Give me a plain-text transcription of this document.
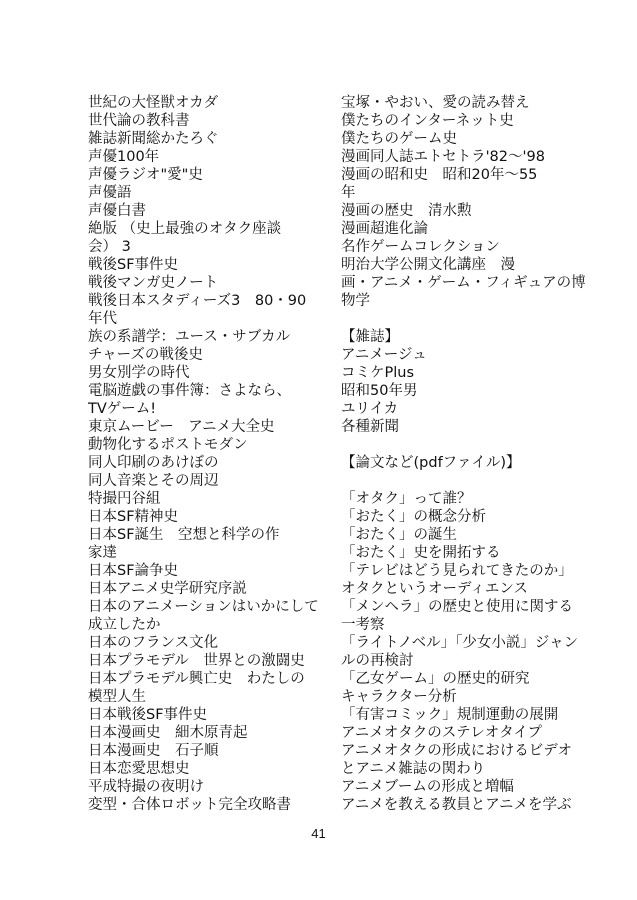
世紀の大怪獣オカダ
世代論の教科書
雑誌新聞総かたろぐ
声優100年
声優ラジオ"愛"史
声優語
声優白書
絶版 （史上最強のオタク座談
会） 3
戦後SF事件史
戦後マンガ史ノート
戦後日本スタディーズ3　80・90
年代
族の系譜学：ユース・サブカル
チャーズの戦後史
男女別学の時代
電脳遊戯の事件簿：さよなら、
TVゲーム!
東京ムービー　アニメ大全史
動物化するポストモダン
同人印刷のあけぼの
同人音楽とその周辺
特撮円谷組
日本SF精神史
日本SF誕生　空想と科学の作
家達
日本SF論争史
日本アニメ史学研究序説
日本のアニメーションはいかにして
成立したか
日本のフランス文化
日本プラモデル　世界との激闘史
日本プラモデル興亡史　わたしの
模型人生
日本戦後SF事件史
日本漫画史　細木原青起
日本漫画史　石子順
日本恋愛思想史
平成特撮の夜明け
変型・合体ロボット完全攻略書
宝塚・やおい、愛の読み替え
僕たちのインターネット史
僕たちのゲーム史
漫画同人誌エトセトラ'82～'98
漫画の昭和史　昭和20年～55
年
漫画の歴史　清水勲
漫画超進化論
名作ゲームコレクション
明治大学公開文化講座　漫
画・アニメ・ゲーム・フィギュアの博
物学
【雑誌】
アニメージュ
コミケPlus
昭和50年男
ユリイカ
各種新聞
【論文など(pdfファイル)】
「オタク」って誰？
「おたく」の概念分析
「おたく」の誕生
「おたく」史を開拓する
「テレビはどう見られてきたのか」
オタクというオーディエンス
「メンヘラ」の歴史と使用に関する
一考察
「ライトノベル」「少女小説」ジャン
ルの再検討
「乙女ゲーム」の歴史的研究
キャラクター分析
「有害コミック」規制運動の展開
アニメオタクのステレオタイプ
アニメオタクの形成におけるビデオ
とアニメ雑誌の関わり
アニメブームの形成と増幅
アニメを教える教員とアニメを学ぶ
41
